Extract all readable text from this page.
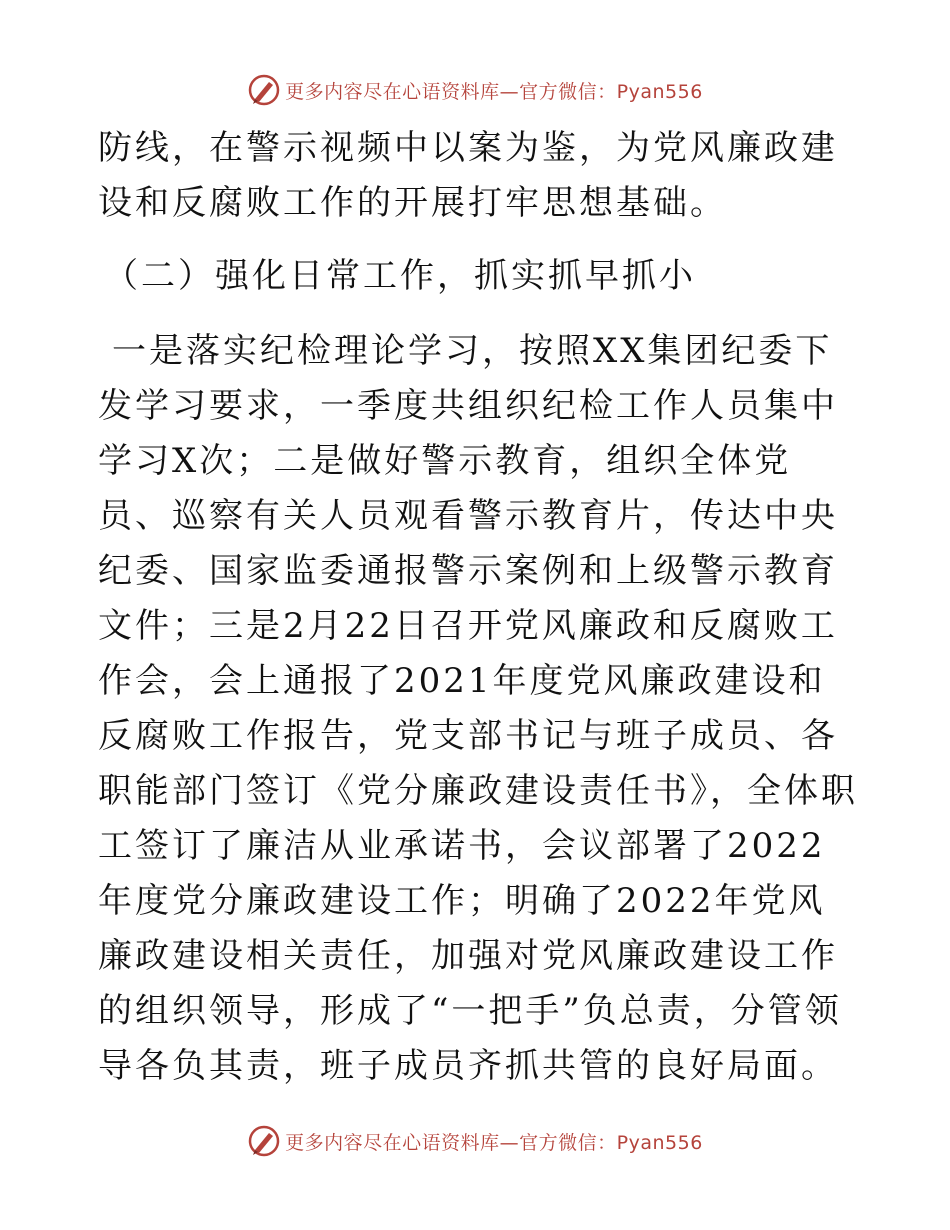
更多内容尽在心语资料库—官方微信：Pyan556

防线，在警示视频中以案为鉴，为党风廉政建设和反腐败工作的开展打牢思想基础。

（二）强化日常工作，抓实抓早抓小

一是落实纪检理论学习，按照XX集团纪委下发学习要求，一季度共组织纪检工作人员集中学习X次；二是做好警示教育，组织全体党员、巡察有关人员观看警示教育片，传达中央纪委、国家监委通报警示案例和上级警示教育文件；三是2月22日召开党风廉政和反腐败工作会，会上通报了2021年度党风廉政建设和反腐败工作报告，党支部书记与班子成员、各职能部门签订《党分廉政建设责任书》，全体职工签订了廉洁从业承诺书，会议部署了2022年度党分廉政建设工作；明确了2022年党风廉政建设相关责任，加强对党风廉政建设工作的组织领导，形成了“一把手”负总责，分管领导各负其责，班子成员齐抓共管的良好局面。

更多内容尽在心语资料库—官方微信：Pyan556
